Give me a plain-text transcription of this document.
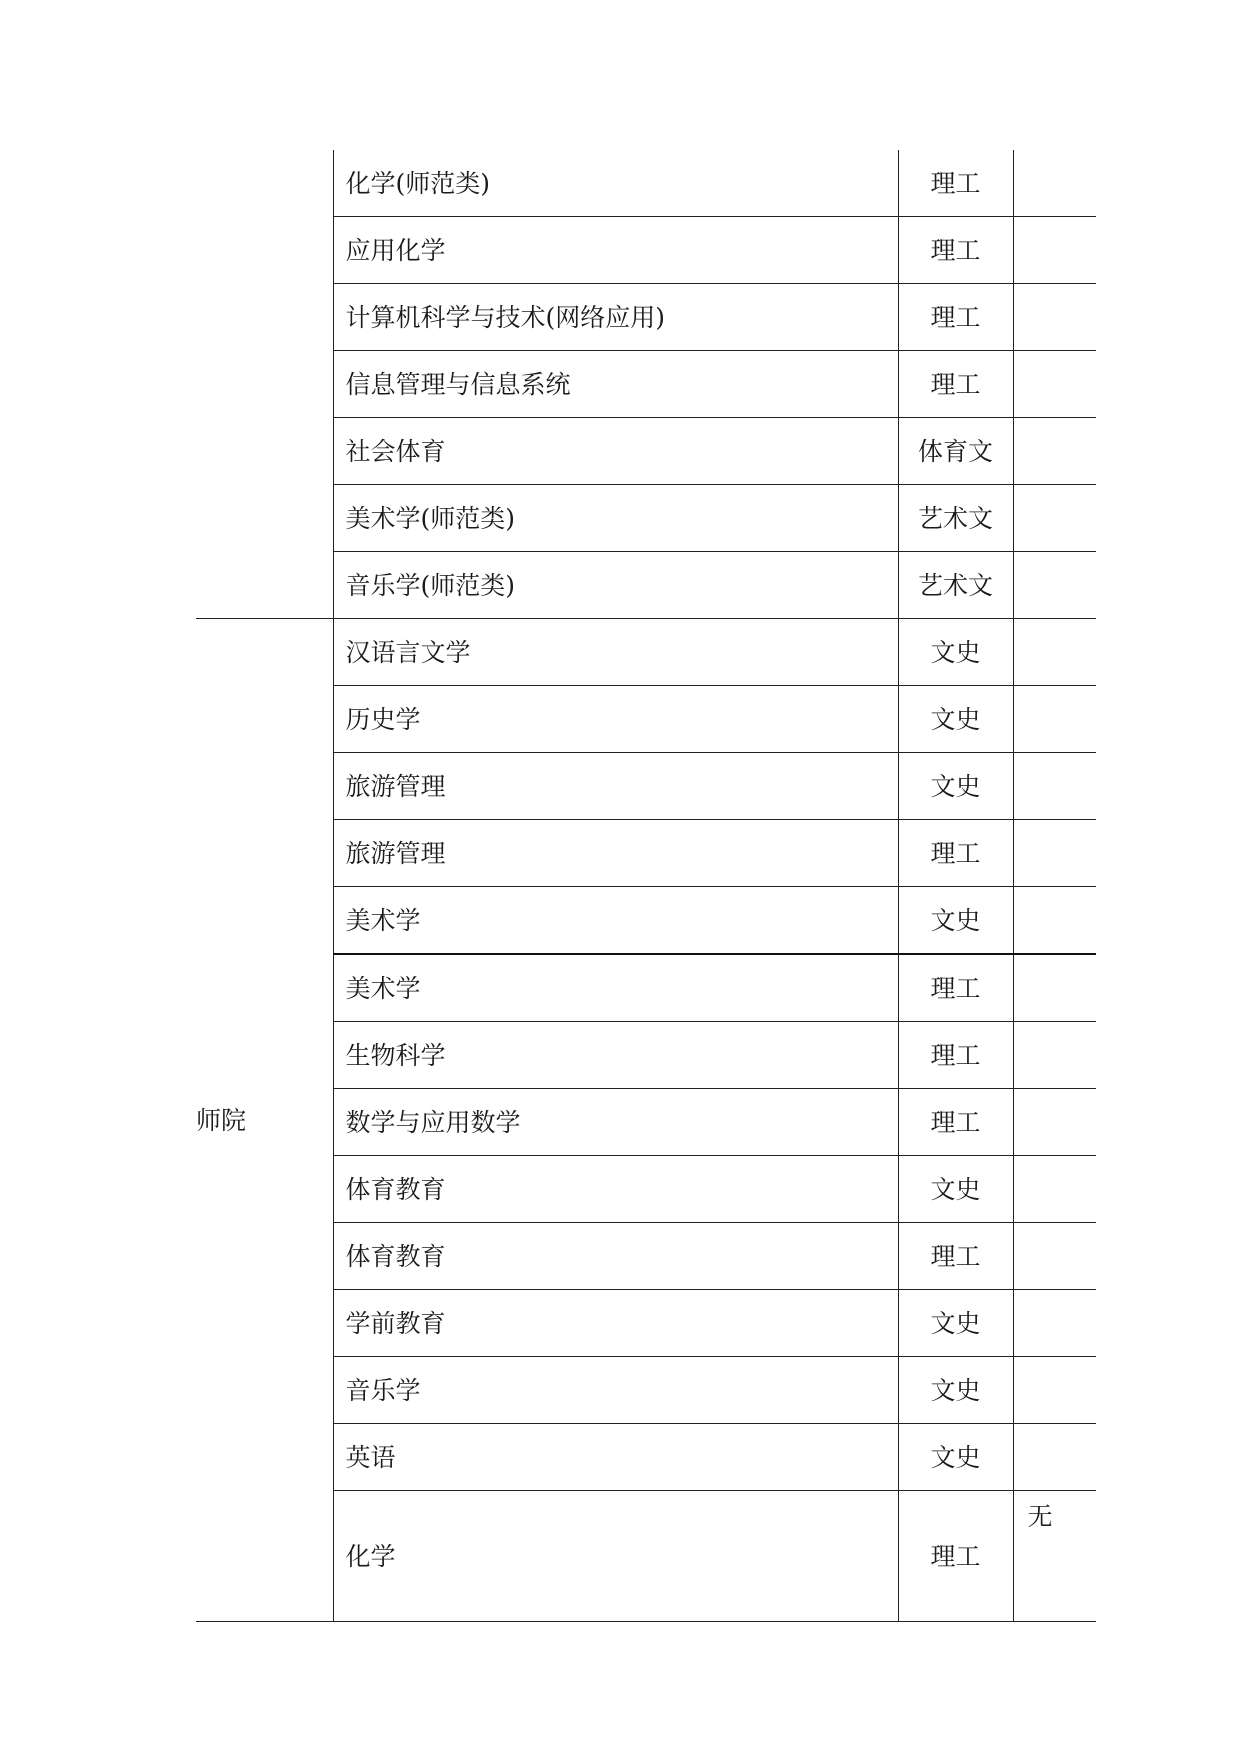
	化学(师范类)	理工	
	应用化学	理工	
	计算机科学与技术(网络应用)	理工	
	信息管理与信息系统	理工	
	社会体育	体育文	
	美术学(师范类)	艺术文	
	音乐学(师范类)	艺术文	
师院	汉语言文学	文史	
	历史学	文史	
	旅游管理	文史	
	旅游管理	理工	
	美术学	文史	
	美术学	理工	
	生物科学	理工	
	数学与应用数学	理工	
	体育教育	文史	
	体育教育	理工	
	学前教育	文史	
	音乐学	文史	
	英语	文史	
	化学	理工	无
